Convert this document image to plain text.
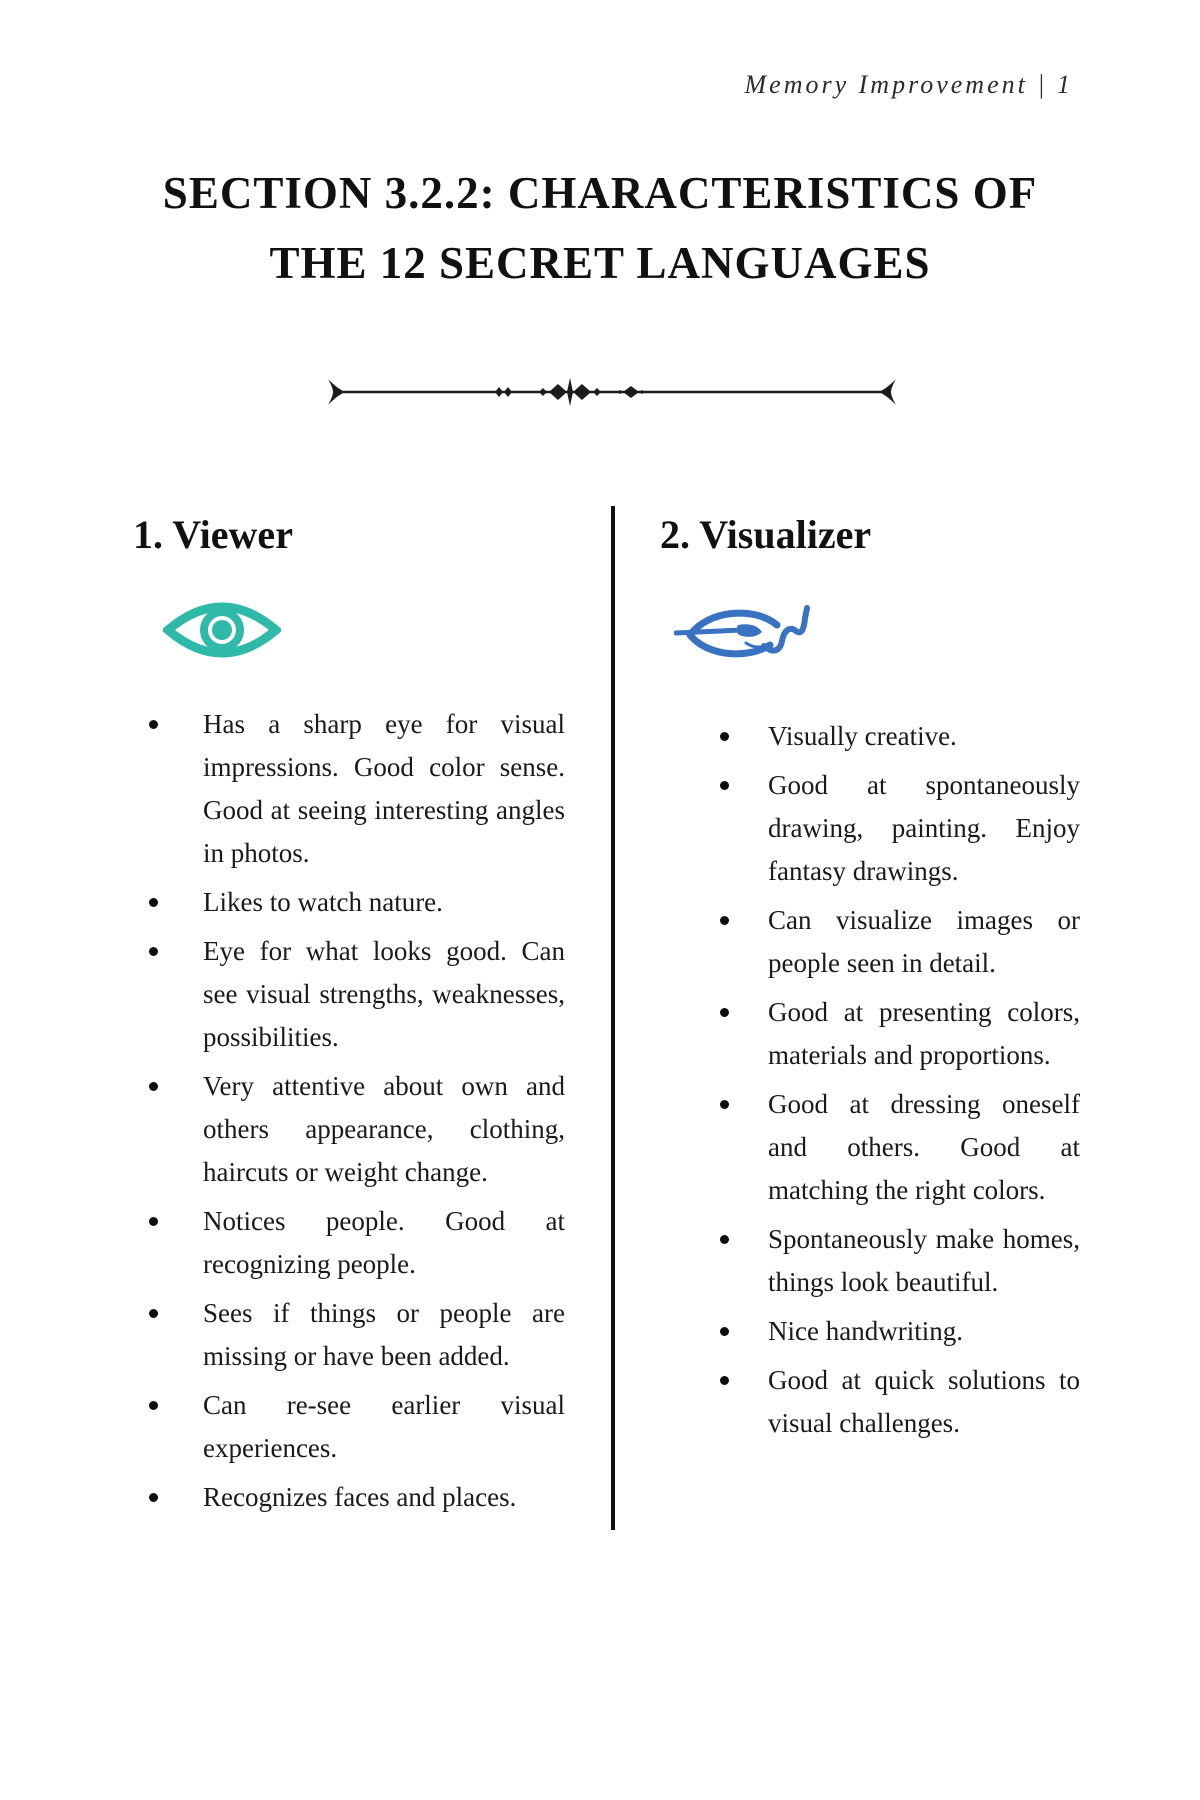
Memory Improvement | 1
SECTION 3.2.2: CHARACTERISTICS OF
THE 12 SECRET LANGUAGES
1. Viewer
Has a sharp eye for visual impressions. Good color sense. Good at seeing interesting angles in photos.
Likes to watch nature.
Eye for what looks good. Can see visual strengths, weaknesses, possibilities.
Very attentive about own and others appearance, clothing, haircuts or weight change.
Notices people. Good at recognizing people.
Sees if things or people are missing or have been added.
Can re-see earlier visual experiences.
Recognizes faces and places.
2. Visualizer
Visually creative.
Good at spontaneously drawing, painting. Enjoy fantasy drawings.
Can visualize images or people seen in detail.
Good at presenting colors, materials and proportions.
Good at dressing oneself and others. Good at matching the right colors.
Spontaneously make homes, things look beautiful.
Nice handwriting.
Good at quick solutions to visual challenges.
